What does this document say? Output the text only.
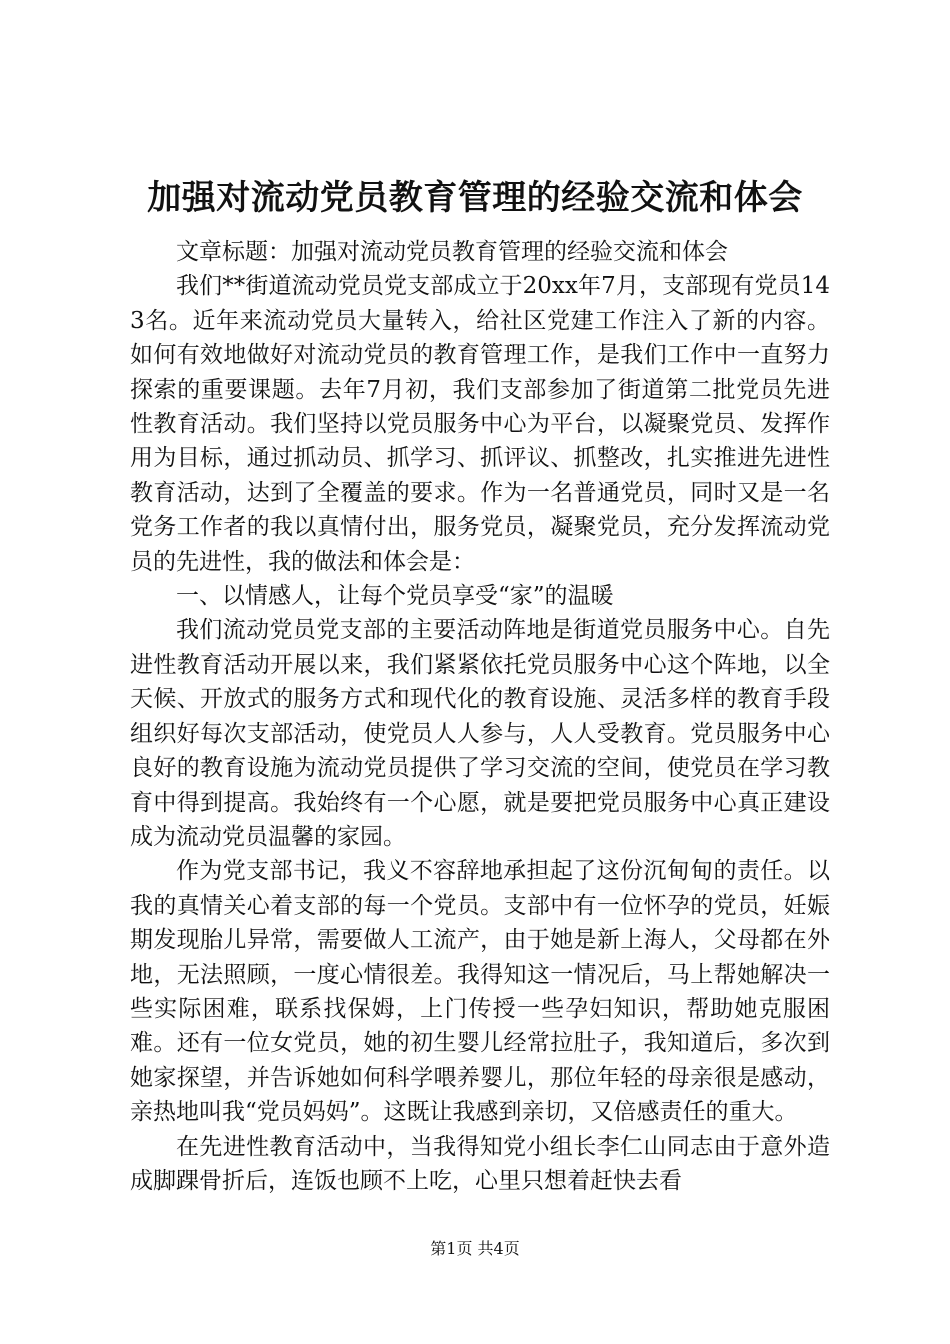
加强对流动党员教育管理的经验交流和体会

文章标题：加强对流动党员教育管理的经验交流和体会

我们**街道流动党员党支部成立于20xx年7月，支部现有党员143名。近年来流动党员大量转入，给社区党建工作注入了新的内容。如何有效地做好对流动党员的教育管理工作，是我们工作中一直努力探索的重要课题。去年7月初，我们支部参加了街道第二批党员先进性教育活动。我们坚持以党员服务中心为平台，以凝聚党员、发挥作用为目标，通过抓动员、抓学习、抓评议、抓整改，扎实推进先进性教育活动，达到了全覆盖的要求。作为一名普通党员，同时又是一名党务工作者的我以真情付出，服务党员，凝聚党员，充分发挥流动党员的先进性，我的做法和体会是：

一、以情感人，让每个党员享受“家”的温暖

我们流动党员党支部的主要活动阵地是街道党员服务中心。自先进性教育活动开展以来，我们紧紧依托党员服务中心这个阵地，以全天候、开放式的服务方式和现代化的教育设施、灵活多样的教育手段组织好每次支部活动，使党员人人参与，人人受教育。党员服务中心良好的教育设施为流动党员提供了学习交流的空间，使党员在学习教育中得到提高。我始终有一个心愿，就是要把党员服务中心真正建设成为流动党员温馨的家园。

作为党支部书记，我义不容辞地承担起了这份沉甸甸的责任。以我的真情关心着支部的每一个党员。支部中有一位怀孕的党员，妊娠期发现胎儿异常，需要做人工流产，由于她是新上海人，父母都在外地，无法照顾，一度心情很差。我得知这一情况后，马上帮她解决一些实际困难，联系找保姆，上门传授一些孕妇知识，帮助她克服困难。还有一位女党员，她的初生婴儿经常拉肚子，我知道后，多次到她家探望，并告诉她如何科学喂养婴儿，那位年轻的母亲很是感动，亲热地叫我“党员妈妈”。这既让我感到亲切，又倍感责任的重大。

在先进性教育活动中，当我得知党小组长李仁山同志由于意外造成脚踝骨折后，连饭也顾不上吃，心里只想着赶快去看

第1页 共4页
